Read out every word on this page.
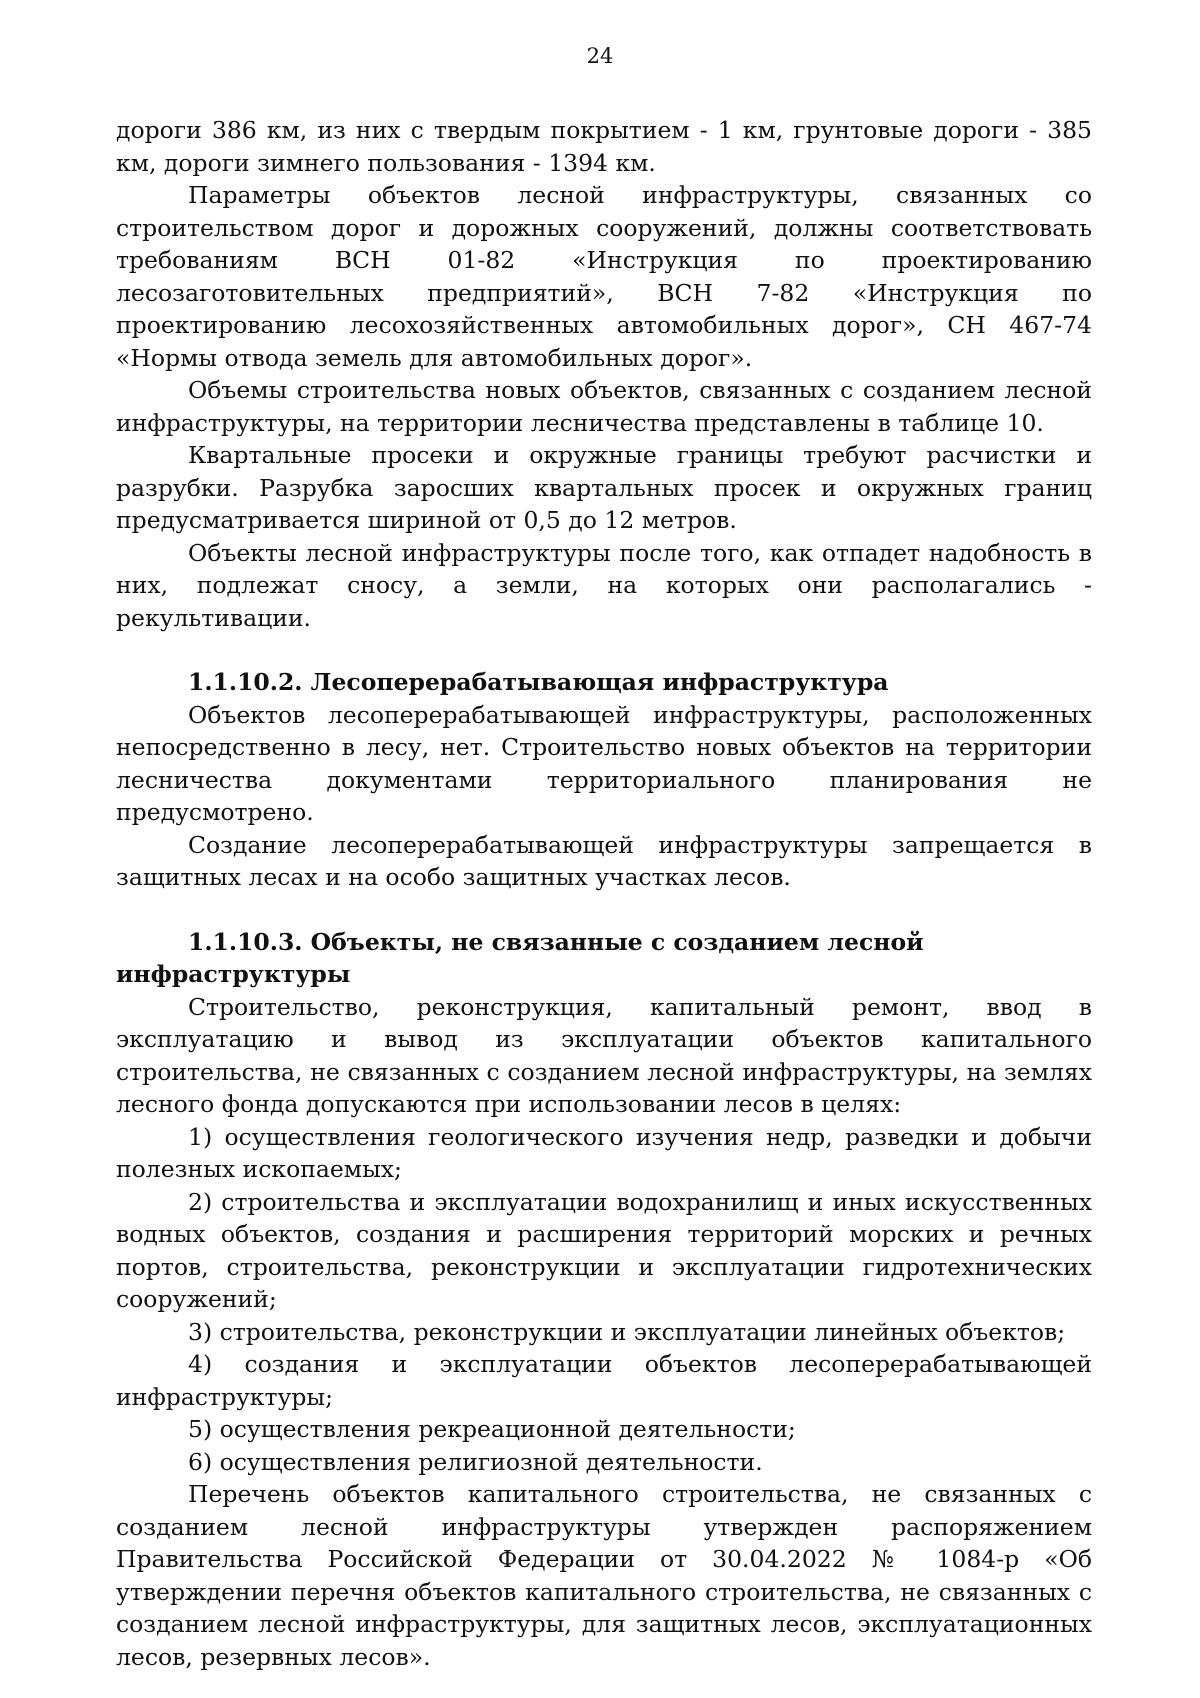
24

дороги 386 км, из них с твердым покрытием - 1 км, грунтовые дороги - 385 км, дороги зимнего пользования - 1394 км.

Параметры объектов лесной инфраструктуры, связанных со строительством дорог и дорожных сооружений, должны соответствовать требованиям ВСН 01-82 «Инструкция по проектированию лесозаготовительных предприятий», ВСН 7-82 «Инструкция по проектированию лесохозяйственных автомобильных дорог», СН 467-74 «Нормы отвода земель для автомобильных дорог».

Объемы строительства новых объектов, связанных с созданием лесной инфраструктуры, на территории лесничества представлены в таблице 10.

Квартальные просеки и окружные границы требуют расчистки и разрубки. Разрубка заросших квартальных просек и окружных границ предусматривается шириной от 0,5 до 12 метров.

Объекты лесной инфраструктуры после того, как отпадет надобность в них, подлежат сносу, а земли, на которых они располагались - рекультивации.

1.1.10.2. Лесоперерабатывающая инфраструктура

Объектов лесоперерабатывающей инфраструктуры, расположенных непосредственно в лесу, нет. Строительство новых объектов на территории лесничества документами территориального планирования не предусмотрено.

Создание лесоперерабатывающей инфраструктуры запрещается в защитных лесах и на особо защитных участках лесов.

1.1.10.3. Объекты, не связанные с созданием лесной инфраструктуры

Строительство, реконструкция, капитальный ремонт, ввод в эксплуатацию и вывод из эксплуатации объектов капитального строительства, не связанных с созданием лесной инфраструктуры, на землях лесного фонда допускаются при использовании лесов в целях:

1) осуществления геологического изучения недр, разведки и добычи полезных ископаемых;

2) строительства и эксплуатации водохранилищ и иных искусственных водных объектов, создания и расширения территорий морских и речных портов, строительства, реконструкции и эксплуатации гидротехнических сооружений;

3) строительства, реконструкции и эксплуатации линейных объектов;

4) создания и эксплуатации объектов лесоперерабатывающей инфраструктуры;

5) осуществления рекреационной деятельности;

6) осуществления религиозной деятельности.

Перечень объектов капитального строительства, не связанных с созданием лесной инфраструктуры утвержден распоряжением Правительства Российской Федерации от 30.04.2022 № 1084-р «Об утверждении перечня объектов капитального строительства, не связанных с созданием лесной инфраструктуры, для защитных лесов, эксплуатационных лесов, резервных лесов».
